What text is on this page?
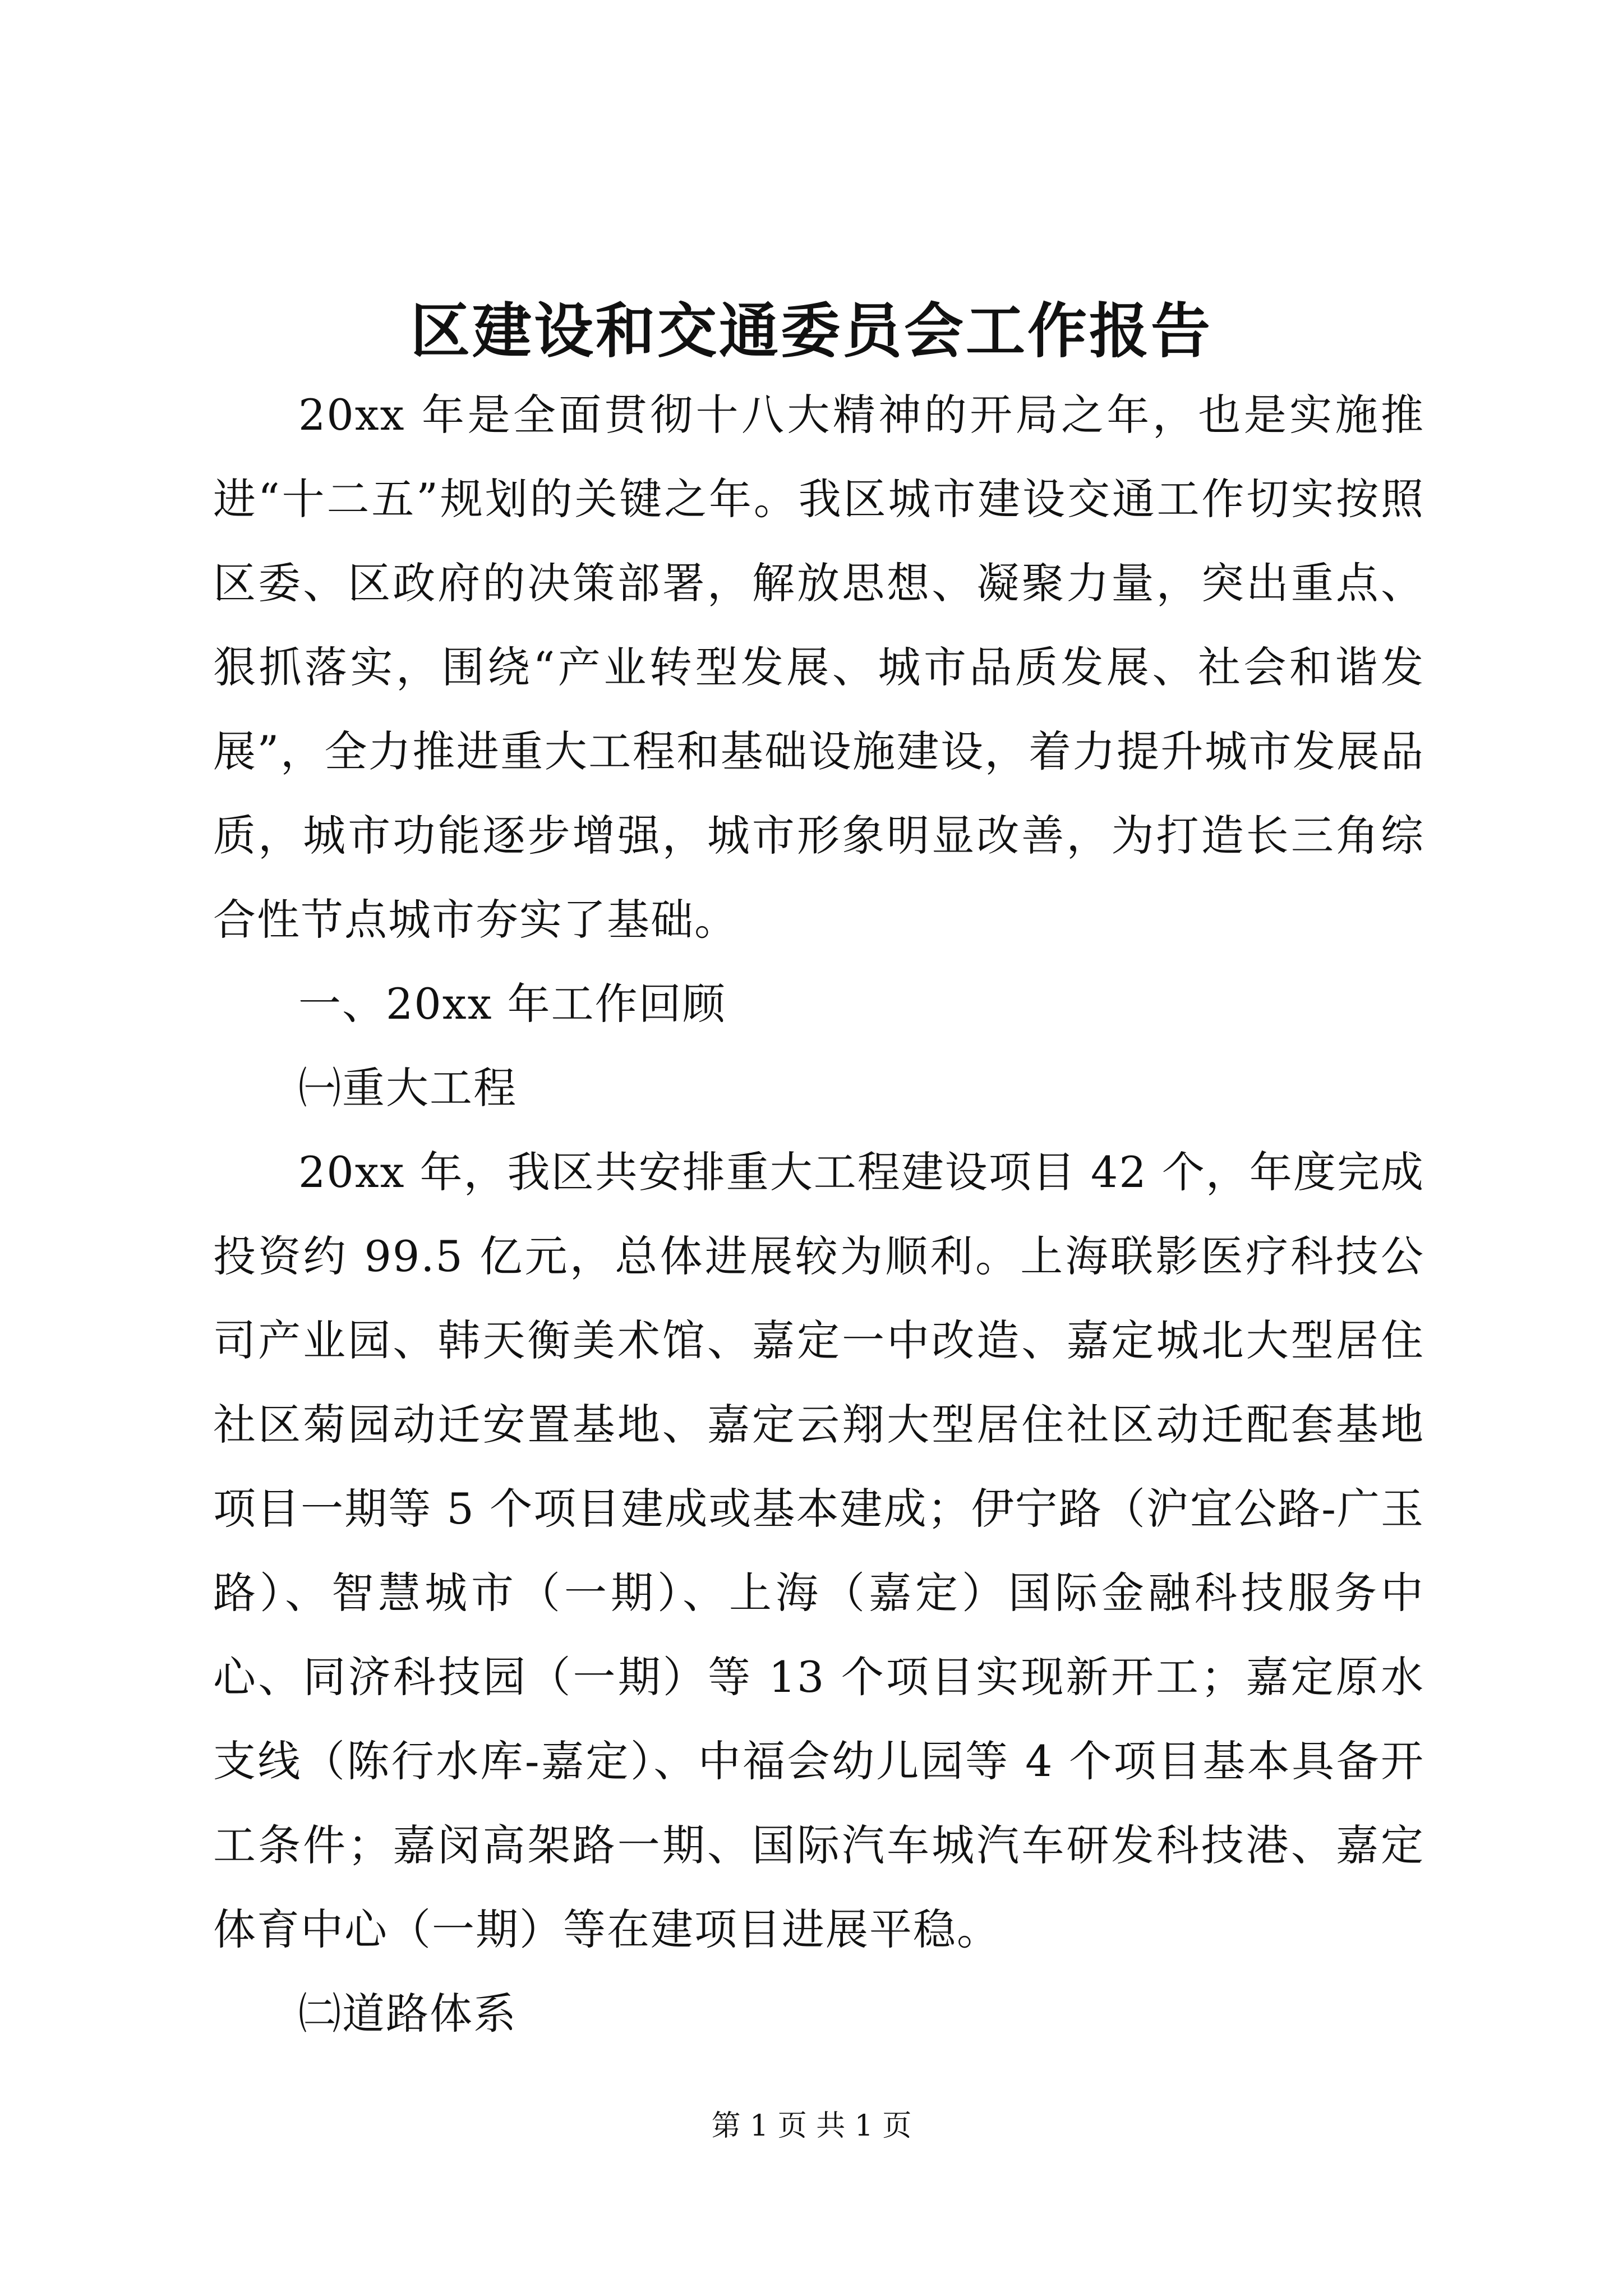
区建设和交通委员会工作报告

20xx 年是全面贯彻十八大精神的开局之年，也是实施推进“十二五”规划的关键之年。我区城市建设交通工作切实按照区委、区政府的决策部署，解放思想、凝聚力量，突出重点、狠抓落实，围绕“产业转型发展、城市品质发展、社会和谐发展”，全力推进重大工程和基础设施建设，着力提升城市发展品质，城市功能逐步增强，城市形象明显改善，为打造长三角综合性节点城市夯实了基础。

一、20xx 年工作回顾

㈠重大工程

20xx 年，我区共安排重大工程建设项目 42 个，年度完成投资约 99.5 亿元，总体进展较为顺利。上海联影医疗科技公司产业园、韩天衡美术馆、嘉定一中改造、嘉定城北大型居住社区菊园动迁安置基地、嘉定云翔大型居住社区动迁配套基地项目一期等 5 个项目建成或基本建成；伊宁路（沪宜公路-广玉路）、智慧城市（一期）、上海（嘉定）国际金融科技服务中心、同济科技园（一期）等 13 个项目实现新开工；嘉定原水支线（陈行水库-嘉定）、中福会幼儿园等 4 个项目基本具备开工条件；嘉闵高架路一期、国际汽车城汽车研发科技港、嘉定体育中心（一期）等在建项目进展平稳。

㈡道路体系

第 1 页 共 1 页
